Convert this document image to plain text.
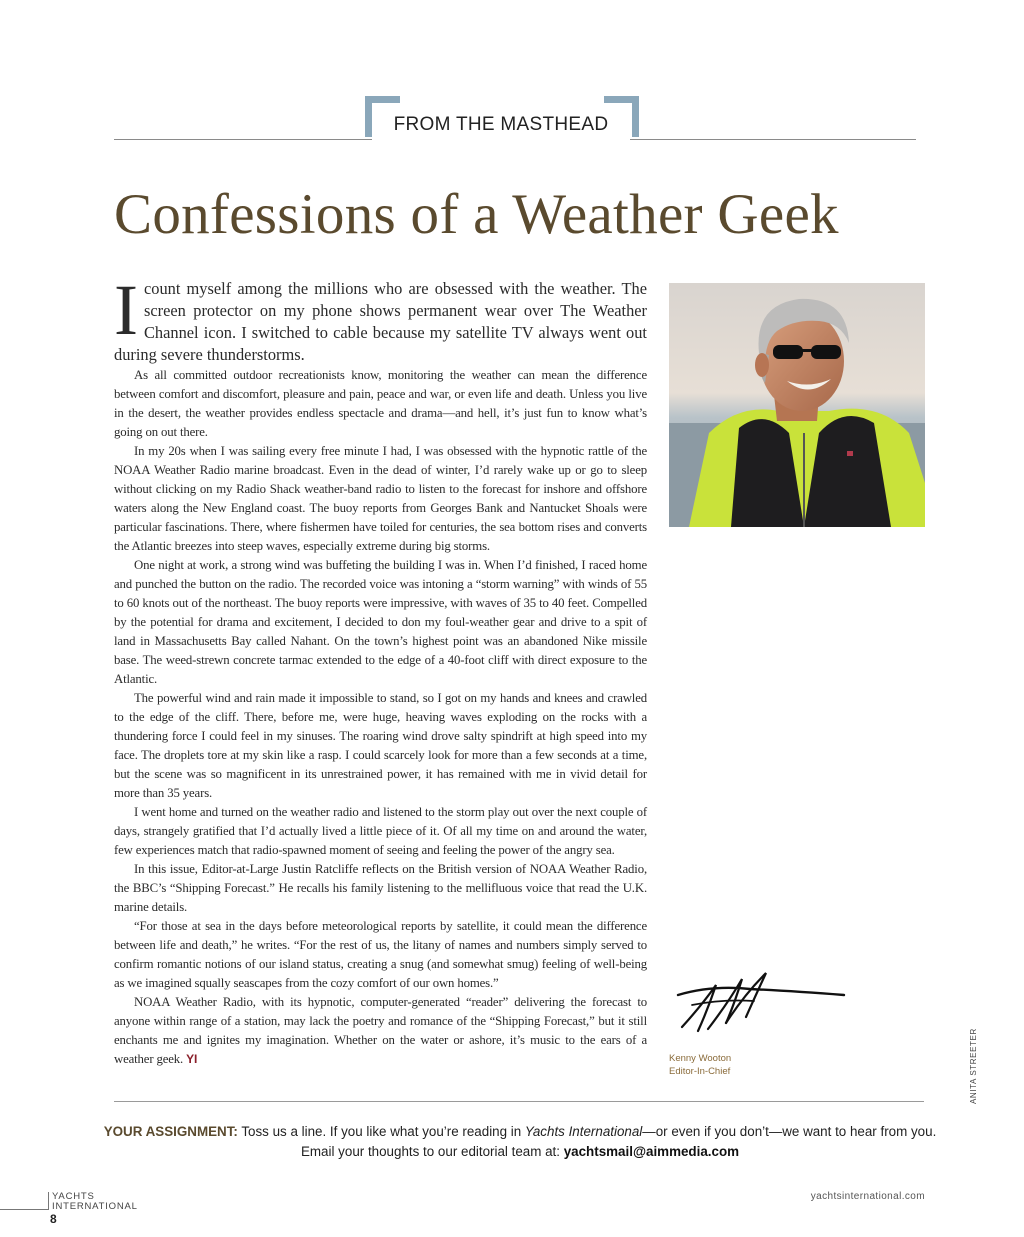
FROM THE MASTHEAD
Confessions of a Weather Geek

Icount myself among the millions who are obsessed with the weather. The screen protector on my phone shows permanent wear over The Weather Channel icon. I switched to cable because my satellite TV always went out during severe thunderstorms.

As all committed outdoor recreationists know, monitoring the weather can mean the difference between comfort and discomfort, pleasure and pain, peace and war, or even life and death. Unless you live in the desert, the weather provides endless spectacle and drama—and hell, it’s just fun to know what’s going on out there.

In my 20s when I was sailing every free minute I had, I was obsessed with the hypnotic rattle of the NOAA Weather Radio marine broadcast. Even in the dead of winter, I’d rarely wake up or go to sleep without clicking on my Radio Shack weather-band radio to listen to the forecast for inshore and offshore waters along the New England coast. The buoy reports from Georges Bank and Nantucket Shoals were particular fascinations. There, where fishermen have toiled for centuries, the sea bottom rises and converts the Atlantic breezes into steep waves, especially extreme during big storms.

One night at work, a strong wind was buffeting the building I was in. When I’d finished, I raced home and punched the button on the radio. The recorded voice was intoning a “storm warning” with winds of 55 to 60 knots out of the northeast. The buoy reports were impressive, with waves of 35 to 40 feet. Compelled by the potential for drama and excitement, I decided to don my foul-weather gear and drive to a spit of land in Massachusetts Bay called Nahant. On the town’s highest point was an abandoned Nike missile base. The weed-strewn concrete tarmac extended to the edge of a 40-foot cliff with direct exposure to the Atlantic.

The powerful wind and rain made it impossible to stand, so I got on my hands and knees and crawled to the edge of the cliff. There, before me, were huge, heaving waves exploding on the rocks with a thundering force I could feel in my sinuses. The roaring wind drove salty spindrift at high speed into my face. The droplets tore at my skin like a rasp. I could scarcely look for more than a few seconds at a time, but the scene was so magnificent in its unrestrained power, it has remained with me in vivid detail for more than 35 years.

I went home and turned on the weather radio and listened to the storm play out over the next couple of days, strangely gratified that I’d actually lived a little piece of it. Of all my time on and around the water, few experiences match that radio-spawned moment of seeing and feeling the power of the angry sea.

In this issue, Editor-at-Large Justin Ratcliffe reflects on the British version of NOAA Weather Radio, the BBC’s “Shipping Forecast.” He recalls his family listening to the mellifluous voice that read the U.K. marine details.

“For those at sea in the days before meteorological reports by satellite, it could mean the difference between life and death,” he writes. “For the rest of us, the litany of names and numbers simply served to confirm romantic notions of our island status, creating a snug (and somewhat smug) feeling of well-being as we imagined squally seascapes from the cozy comfort of our own homes.”

NOAA Weather Radio, with its hypnotic, computer-generated “reader” delivering the forecast to anyone within range of a station, may lack the poetry and romance of the “Shipping Forecast,” but it still enchants me and ignites my imagination. Whether on the water or ashore, it’s music to the ears of a weather geek. YI	Kenny Wooton
Editor-In-Chief	ANITA STREETER
YOUR ASSIGNMENT: Toss us a line. If you like what you’re reading in Yachts International—or even if you don’t—we want to hear from you.
Email your thoughts to our editorial team at: yachtsmail@aimmedia.com
YACHTS
INTERNATIONAL
8
yachtsinternational.com
